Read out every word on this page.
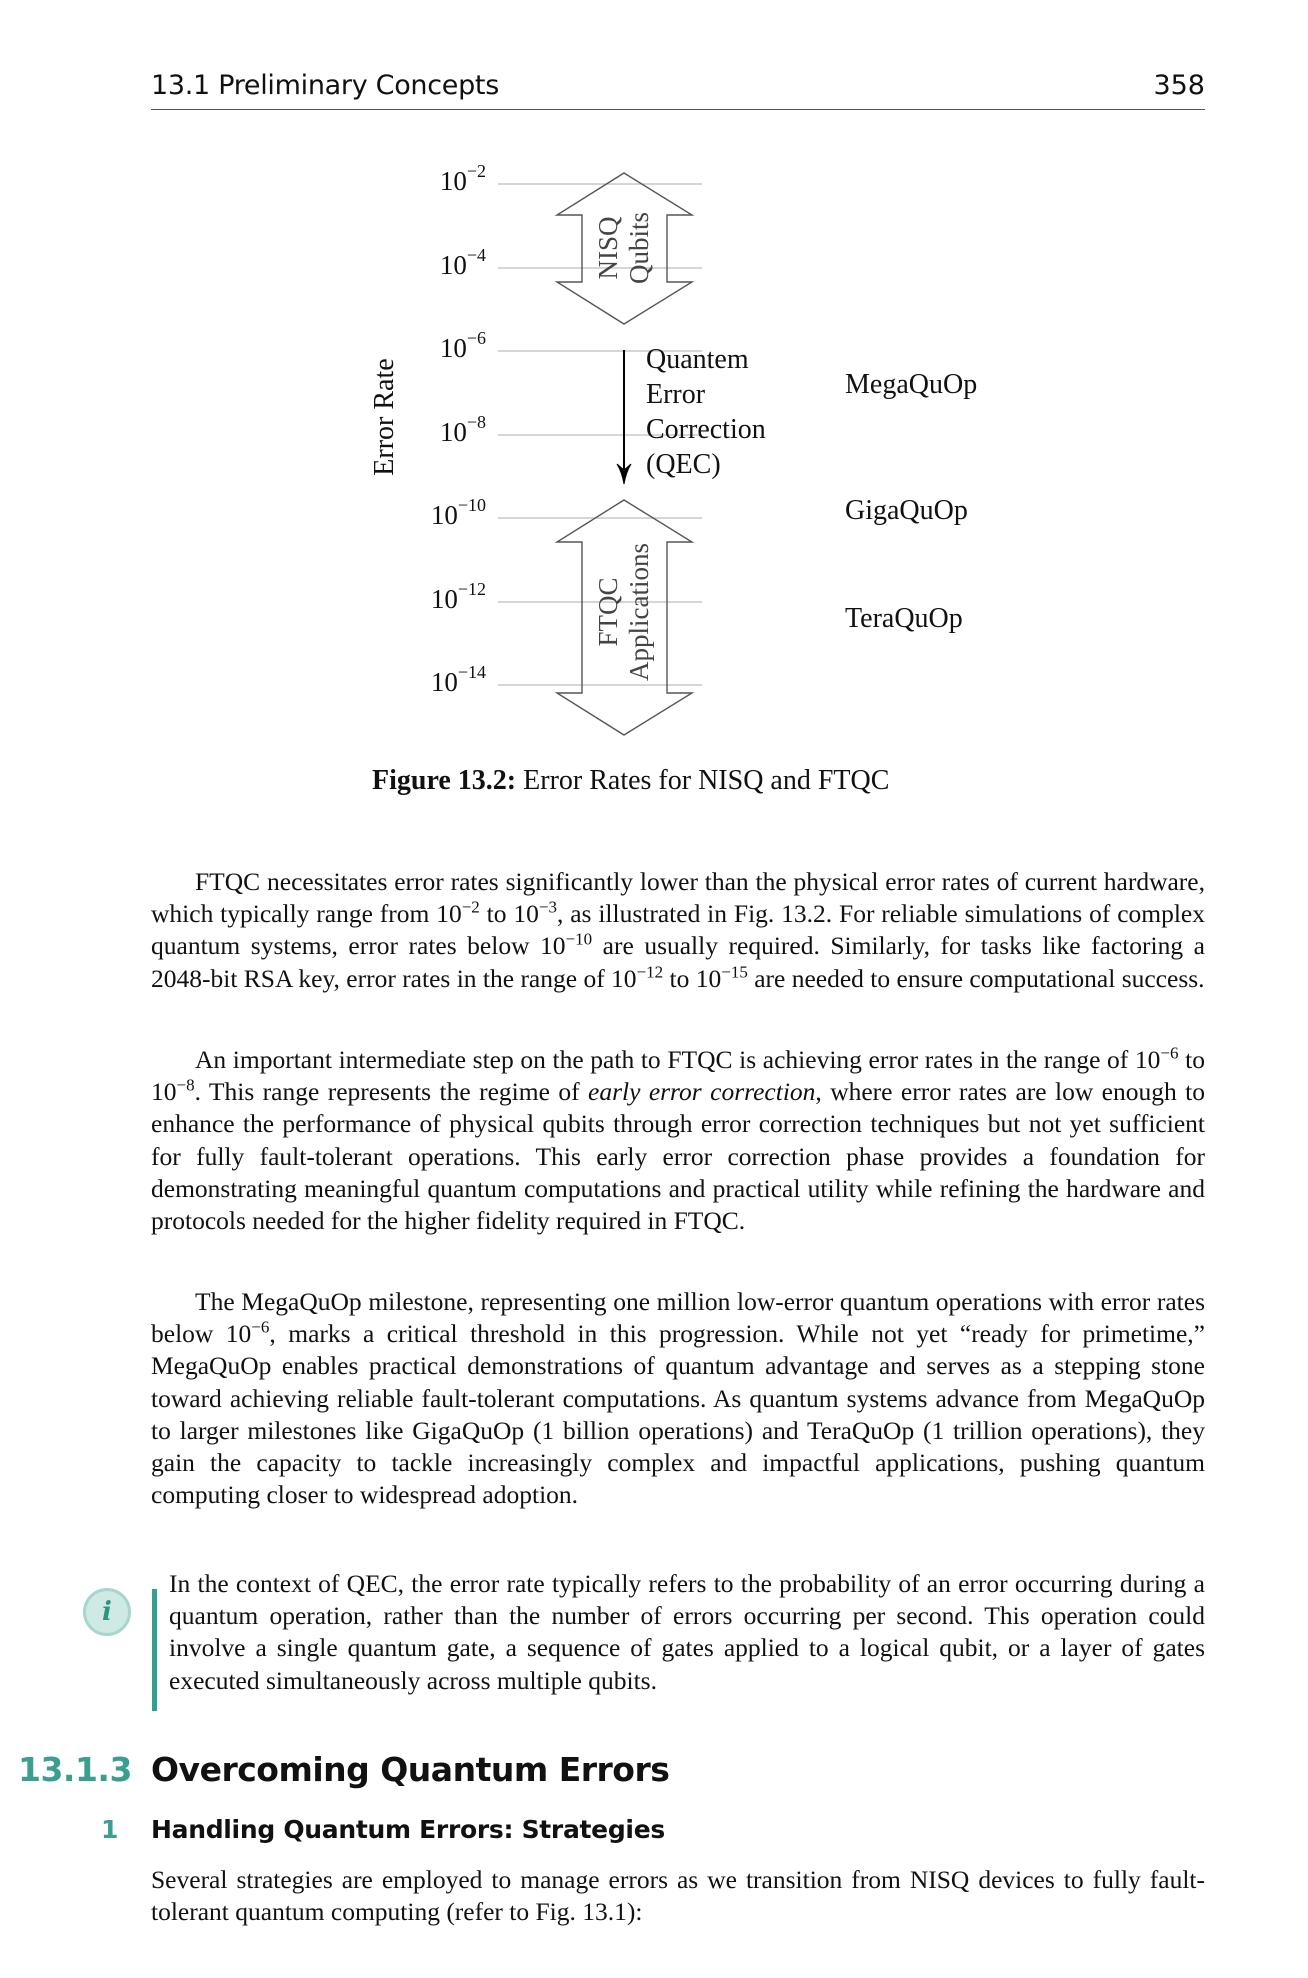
13.1 Preliminary Concepts	358
Error Rate
$10^{-2}$
$10^{-4}$
$10^{-6}$
$10^{-8}$
$10^{-10}$
$10^{-12}$
$10^{-14}$
NISQ Qubits
Quantem
Error
Correction
(QEC)
FTQC Applications
MegaQuOp
GigaQuOp
TeraQuOp
Figure 13.2: Error Rates for NISQ and FTQC
FTQC necessitates error rates significantly lower than the physical error rates of current hardware, which typically range from $10^{-2}$ to $10^{-3}$, as illustrated in Fig. 13.2. For reliable simulations of complex quantum systems, error rates below $10^{-10}$ are usually required. Similarly, for tasks like factoring a 2048-bit RSA key, error rates in the range of $10^{-12}$ to $10^{-15}$ are needed to ensure computational success.
An important intermediate step on the path to FTQC is achieving error rates in the range of $10^{-6}$ to $10^{-8}$. This range represents the regime of early error correction, where error rates are low enough to enhance the performance of physical qubits through error correction techniques but not yet sufficient for fully fault-tolerant operations. This early error correction phase provides a foundation for demonstrating meaningful quantum computations and practical utility while refining the hardware and protocols needed for the higher fidelity required in FTQC.
The MegaQuOp milestone, representing one million low-error quantum operations with error rates below $10^{-6}$, marks a critical threshold in this progression. While not yet “ready for primetime,” MegaQuOp enables practical demonstrations of quantum advantage and serves as a stepping stone toward achieving reliable fault-tolerant computations. As quantum systems advance from MegaQuOp to larger milestones like GigaQuOp (1 billion operations) and TeraQuOp (1 trillion operations), they gain the capacity to tackle increasingly complex and impactful applications, pushing quantum computing closer to widespread adoption.
i
In the context of QEC, the error rate typically refers to the probability of an error occurring during a quantum operation, rather than the number of errors occurring per second. This operation could involve a single quantum gate, a sequence of gates applied to a logical qubit, or a layer of gates executed simultaneously across multiple qubits.
13.1.3 Overcoming Quantum Errors
1 Handling Quantum Errors: Strategies
Several strategies are employed to manage errors as we transition from NISQ devices to fully fault-tolerant quantum computing (refer to Fig. 13.1):
